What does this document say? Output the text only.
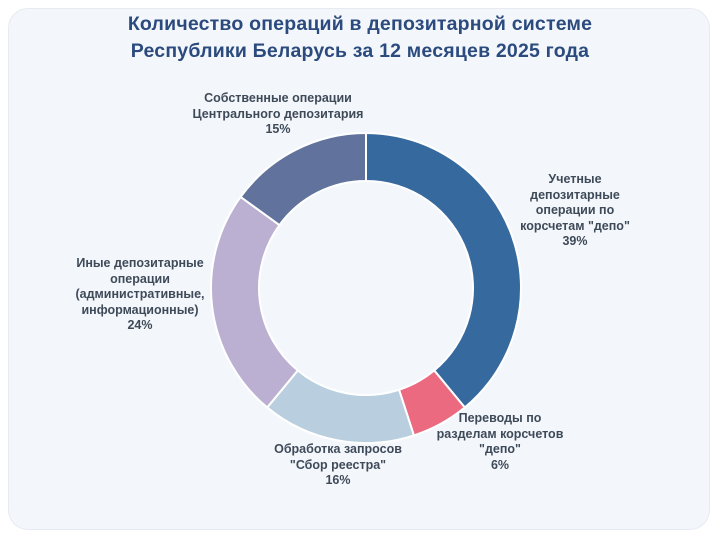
Количество операций в депозитарной системе
Республики Беларусь за 12 месяцев 2025 года
Учетные
депозитарные
операции по
корсчетам "депо"
39%
Переводы по
разделам корсчетов
"депо"
6%
Обработка запросов
"Сбор реестра"
16%
Иные депозитарные
операции
(административные,
информационные)
24%
Собственные операции
Центрального депозитария
15%
